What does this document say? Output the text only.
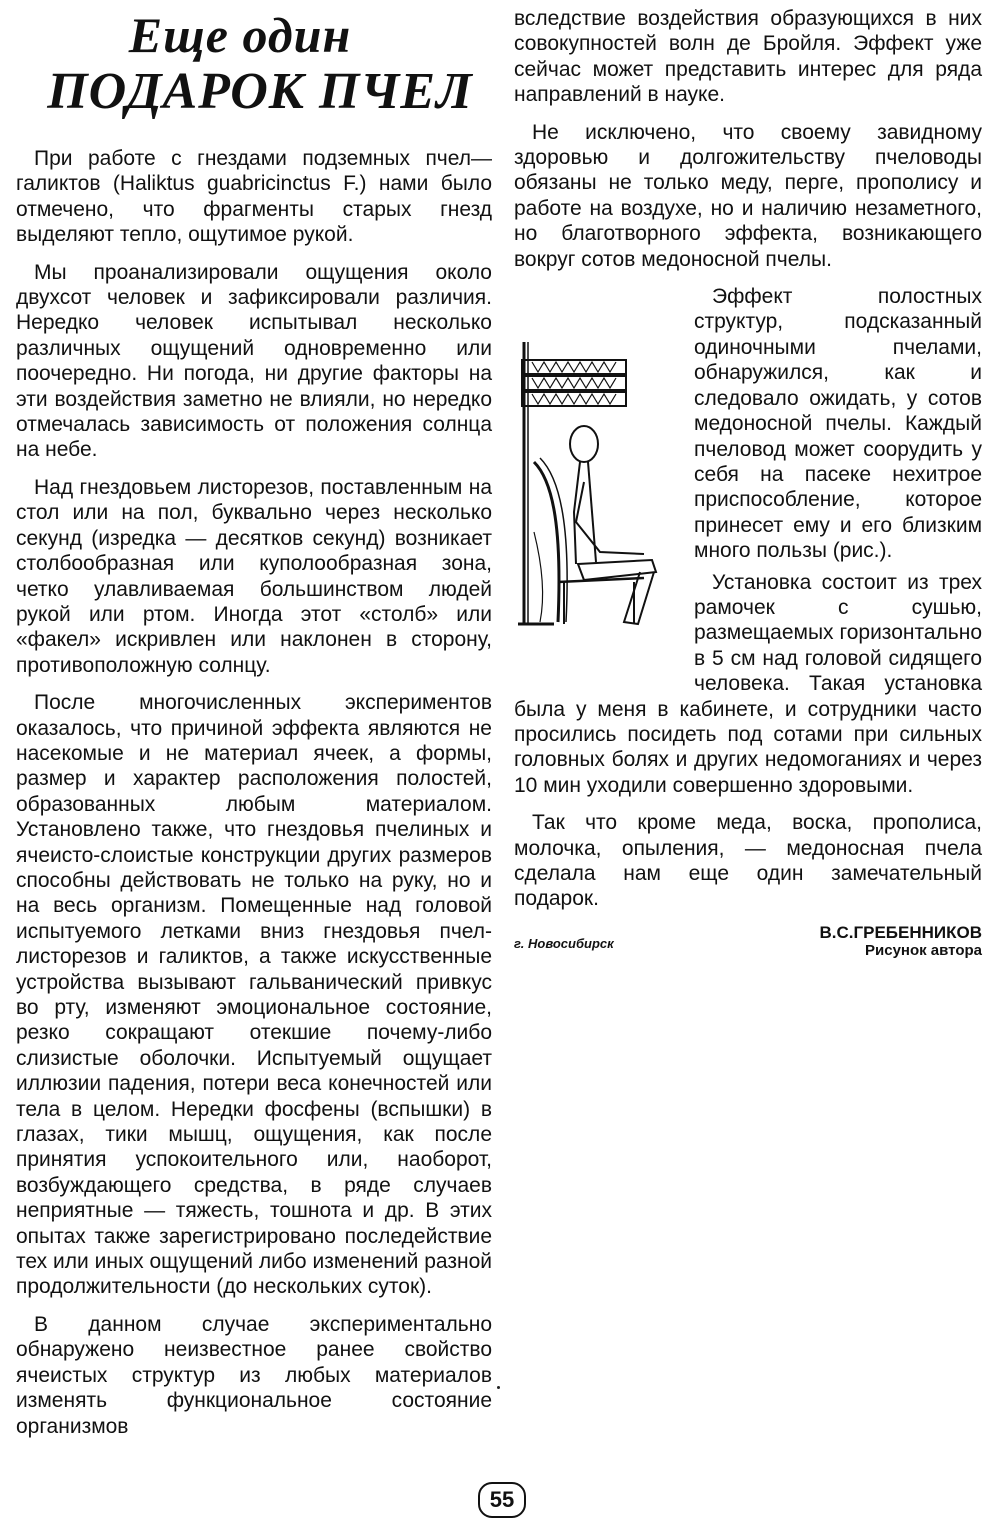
Еще один
ПОДАРОК ПЧЕЛ

При работе с гнездами подземных пчел—галиктов (Haliktus guabricinctus F.) нами было отмечено, что фрагменты старых гнезд выделяют тепло, ощутимое рукой.

Мы проанализировали ощущения около двухсот человек и зафиксировали различия. Нередко человек испытывал несколько различных ощущений одновременно или поочередно. Ни погода, ни другие факторы на эти воздействия заметно не влияли, но нередко отмечалась зависимость от положения солнца на небе.

Над гнездовьем листорезов, поставленным на стол или на пол, буквально через несколько секунд (изредка — десятков секунд) возникает столбообразная или куполообразная зона, четко улавливаемая большинством людей рукой или ртом. Иногда этот «столб» или «факел» искривлен или наклонен в сторону, противоположную солнцу.

После многочисленных экспериментов оказалось, что причиной эффекта являются не насекомые и не материал ячеек, а формы, размер и характер расположения полостей, образованных любым материалом. Установлено также, что гнездовья пчелиных и ячеисто-слоистые конструкции других размеров способны действовать не только на руку, но и на весь организм. Помещенные над головой испытуемого летками вниз гнездовья пчел-листорезов и галиктов, а также искусственные устройства вызывают гальванический привкус во рту, изменяют эмоциональное состояние, резко сокращают отекшие почему-либо слизистые оболочки. Испытуемый ощущает иллюзии падения, потери веса конечностей или тела в целом. Нередки фосфены (вспышки) в глазах, тики мышц, ощущения, как после принятия успокоительного или, наоборот, возбуждающего средства, в ряде случаев неприятные — тяжесть, тошнота и др. В этих опытах также зарегистрировано последействие тех или иных ощущений либо изменений разной продолжительности (до нескольких суток).

В данном случае экспериментально обнаружено неизвестное ранее свойство ячеистых структур из любых материалов изменять функциональное состояние организмов

вследствие воздействия образующихся в них совокупностей волн де Бройля. Эффект уже сейчас может представить интерес для ряда направлений в науке.

Не исключено, что своему завидному здоровью и долгожительству пчеловоды обязаны не только меду, перге, прополису и работе на воздухе, но и наличию незаметного, но благотворного эффекта, возникающего вокруг сотов медоносной пчелы.

Эффект полостных структур, подсказанный одиночными пчелами, обнаружился, как и следовало ожидать, у сотов медоносной пчелы. Каждый пчеловод может соорудить у себя на пасеке нехитрое приспособление, которое принесет ему и его близким много пользы (рис.).

Установка состоит из трех рамочек с сушью, размещаемых горизонтально в 5 см над головой сидящего человека. Такая установка была у меня в кабинете, и сотрудники часто просились посидеть под сотами при сильных головных болях и других недомоганиях и через 10 мин уходили совершенно здоровыми.

Так что кроме меда, воска, прополиса, молочка, опыления, — медоносная пчела сделала нам еще один замечательный подарок.

В.С.ГРЕБЕННИКОВ
Рисунок автора
г. Новосибирск
55
